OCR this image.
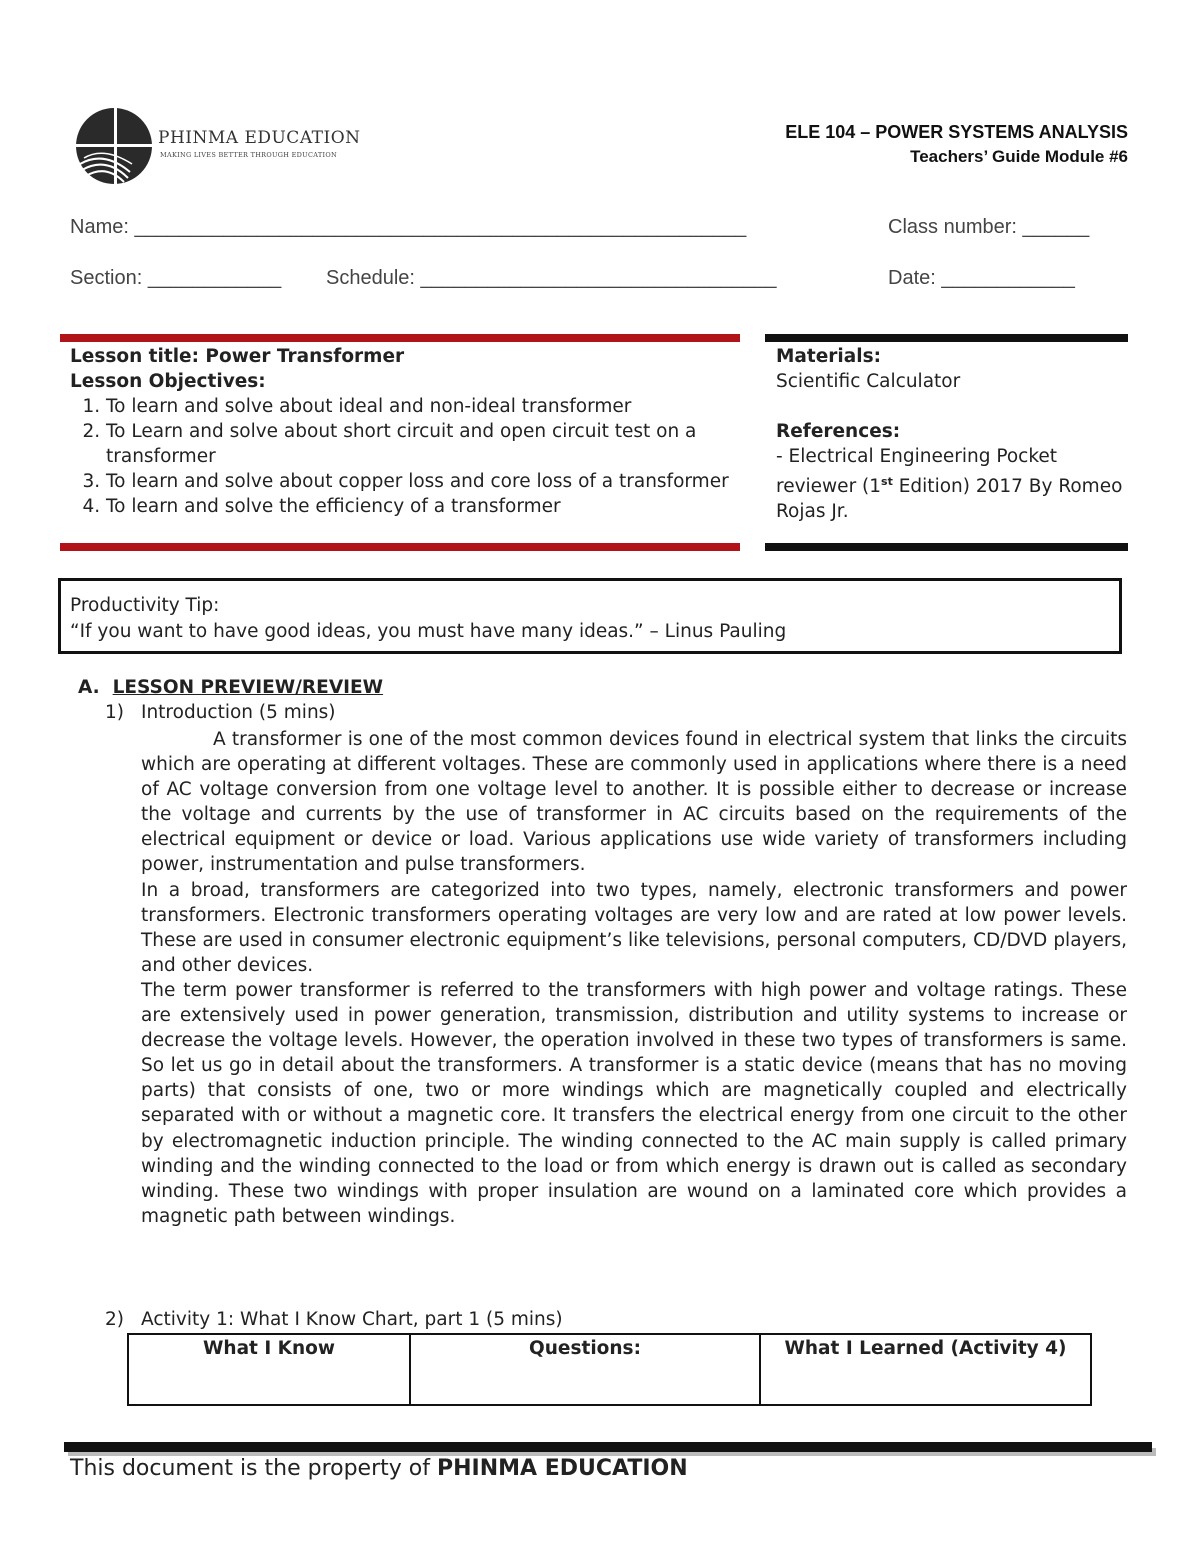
PHINMA EDUCATION
MAKING LIVES BETTER THROUGH EDUCATION
ELE 104 – POWER SYSTEMS ANALYSIS
Teachers’ Guide Module #6
Name: _______________________________________________________	Class number: ______
Section: ____________ Schedule: ________________________________	Date: ____________
Lesson title: Power Transformer
Lesson Objectives:
1. To learn and solve about ideal and non-ideal transformer
2. To Learn and solve about short circuit and open circuit test on a transformer
3. To learn and solve about copper loss and core loss of a transformer
4. To learn and solve the efficiency of a transformer
Materials:
Scientific Calculator
References:
- Electrical Engineering Pocket reviewer (1st Edition) 2017 By Romeo Rojas Jr.
Productivity Tip:
“If you want to have good ideas, you must have many ideas.” – Linus Pauling
A. LESSON PREVIEW/REVIEW
1) Introduction (5 mins)

A transformer is one of the most common devices found in electrical system that links the circuits which are operating at different voltages. These are commonly used in applications where there is a need of AC voltage conversion from one voltage level to another. It is possible either to decrease or increase the voltage and currents by the use of transformer in AC circuits based on the requirements of the electrical equipment or device or load. Various applications use wide variety of transformers including power, instrumentation and pulse transformers.

In a broad, transformers are categorized into two types, namely, electronic transformers and power transformers. Electronic transformers operating voltages are very low and are rated at low power levels. These are used in consumer electronic equipment’s like televisions, personal computers, CD/DVD players, and other devices.

The term power transformer is referred to the transformers with high power and voltage ratings. These are extensively used in power generation, transmission, distribution and utility systems to increase or decrease the voltage levels. However, the operation involved in these two types of transformers is same. So let us go in detail about the transformers. A transformer is a static device (means that has no moving parts) that consists of one, two or more windings which are magnetically coupled and electrically separated with or without a magnetic core. It transfers the electrical energy from one circuit to the other by electromagnetic induction principle. The winding connected to the AC main supply is called primary winding and the winding connected to the load or from which energy is drawn out is called as secondary winding. These two windings with proper insulation are wound on a laminated core which provides a magnetic path between windings.

2) Activity 1: What I Know Chart, part 1 (5 mins)
What I Know	Questions:	What I Learned (Activity 4)
This document is the property of PHINMA EDUCATION
